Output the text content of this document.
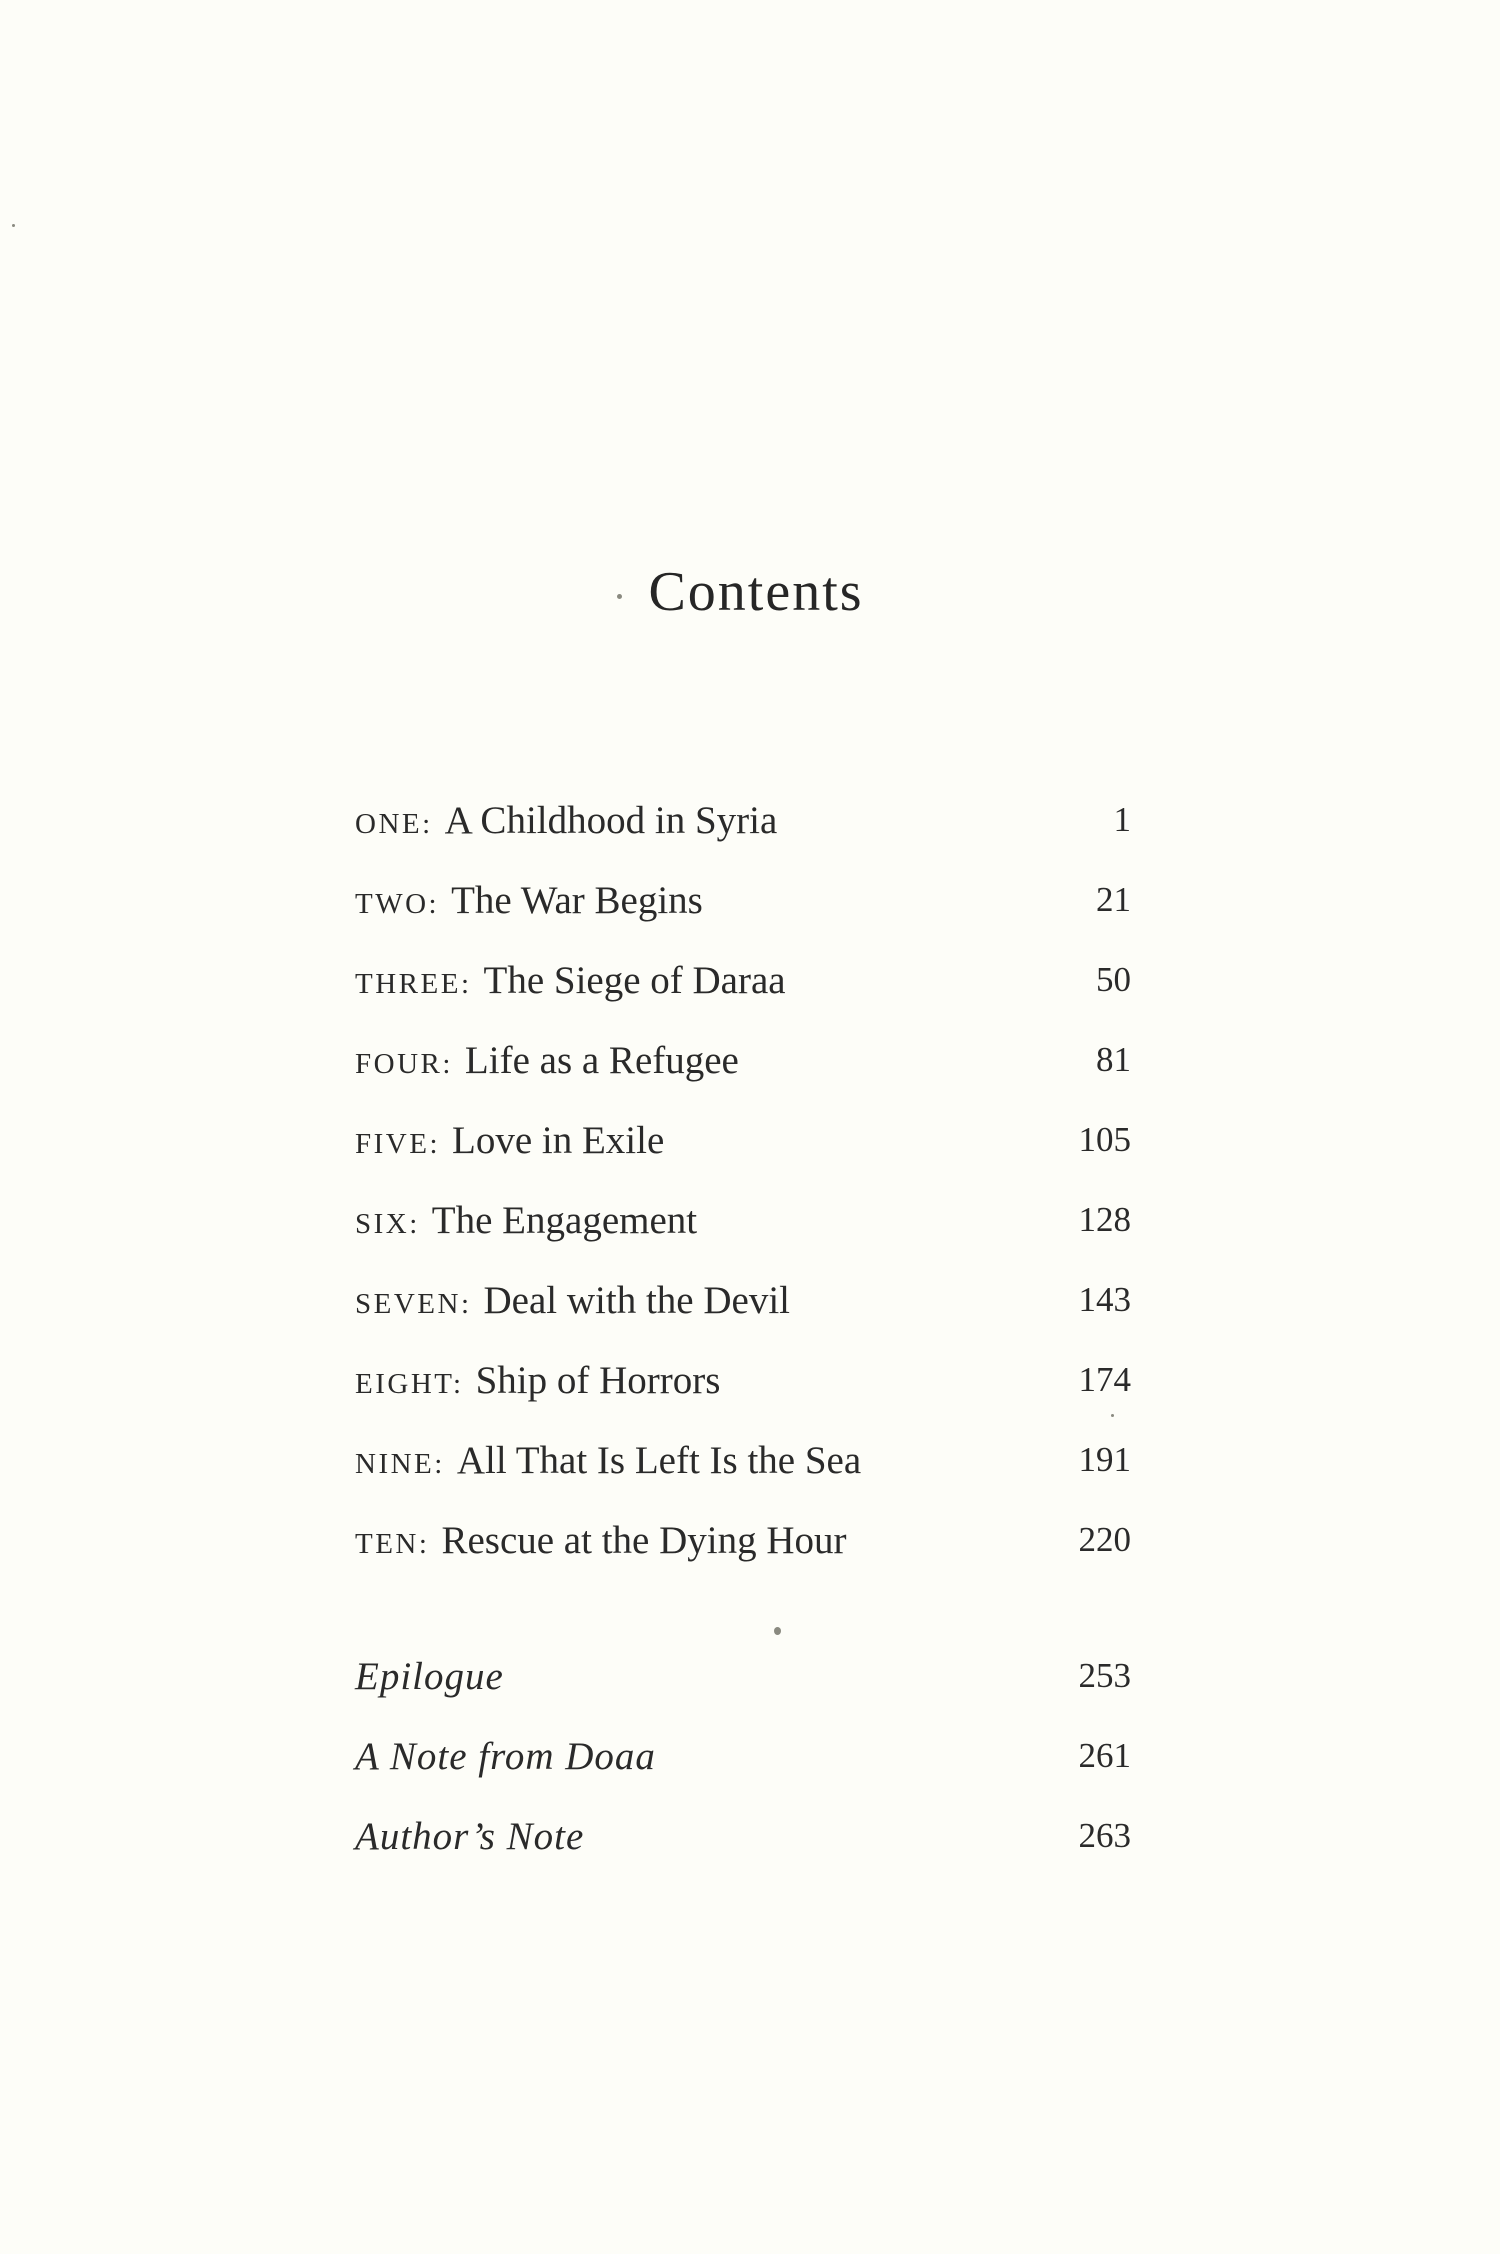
Contents
ONE: A Childhood in Syria	1
TWO: The War Begins	21
THREE: The Siege of Daraa	50
FOUR: Life as a Refugee	81
FIVE: Love in Exile	105
SIX: The Engagement	128
SEVEN: Deal with the Devil	143
EIGHT: Ship of Horrors	174
NINE: All That Is Left Is the Sea	191
TEN: Rescue at the Dying Hour	220
Epilogue	253
A Note from Doaa	261
Author’s Note	263
